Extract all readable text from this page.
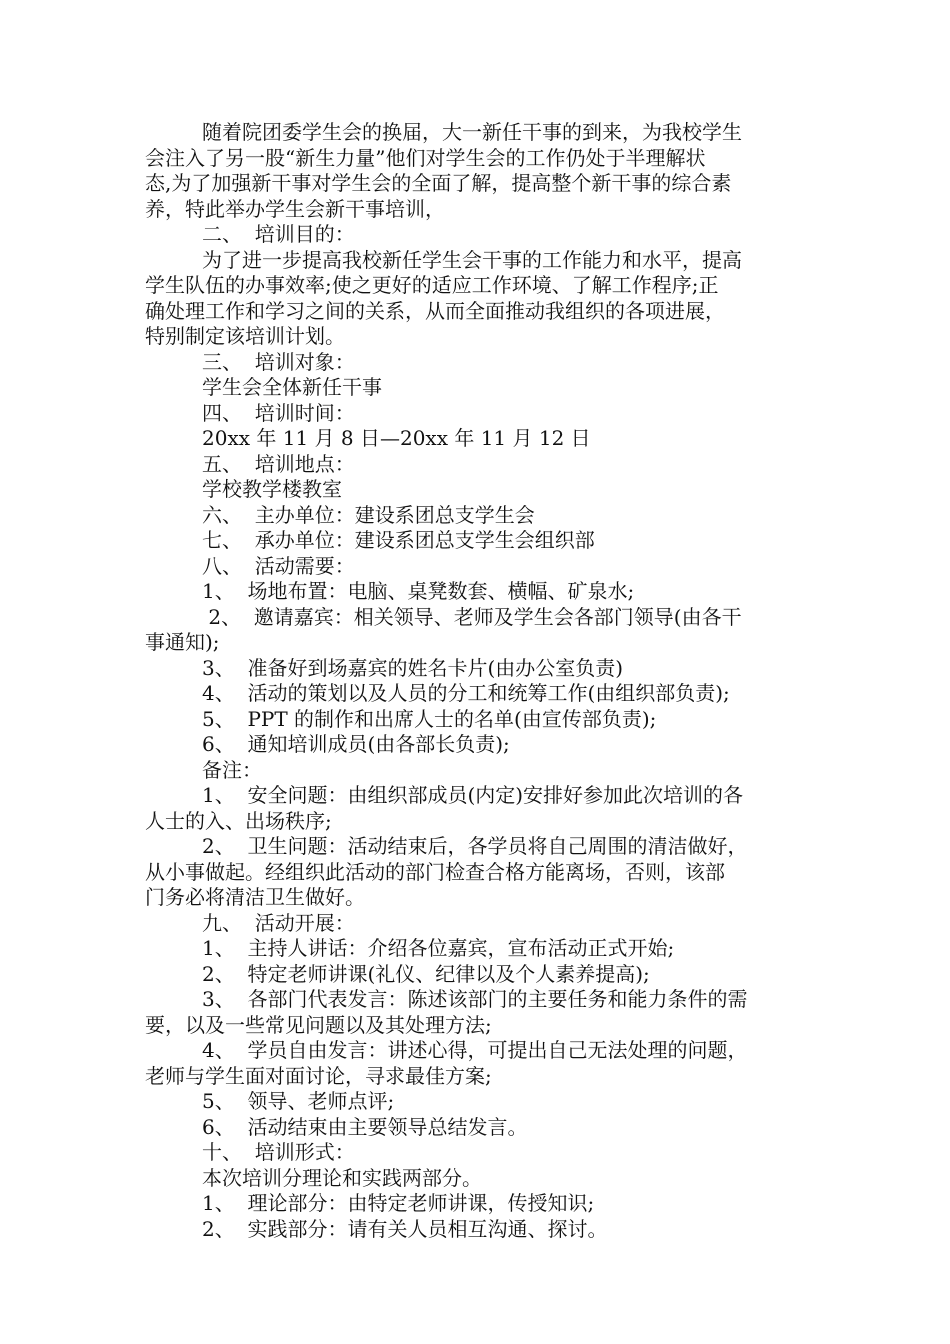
随着院团委学生会的换届，大一新任干事的到来，为我校学生
会注入了另一股“新生力量”他们对学生会的工作仍处于半理解状
态,为了加强新干事对学生会的全面了解，提高整个新干事的综合素
养，特此举办学生会新干事培训，
二、  培训目的：
为了进一步提高我校新任学生会干事的工作能力和水平，提高
学生队伍的办事效率;使之更好的适应工作环境、了解工作程序;正
确处理工作和学习之间的关系，从而全面推动我组织的各项进展，
特别制定该培训计划。
三、  培训对象：
学生会全体新任干事
四、  培训时间：
20xx 年 11 月 8 日—20xx 年 11 月 12 日
五、  培训地点：
学校教学楼教室
六、  主办单位：建设系团总支学生会
七、  承办单位：建设系团总支学生会组织部
八、  活动需要：
1、  场地布置：电脑、桌凳数套、横幅、矿泉水;
2、  邀请嘉宾：相关领导、老师及学生会各部门领导(由各干
事通知);
3、  准备好到场嘉宾的姓名卡片(由办公室负责)
4、  活动的策划以及人员的分工和统筹工作(由组织部负责);
5、  PPT 的制作和出席人士的名单(由宣传部负责);
6、  通知培训成员(由各部长负责);
备注：
1、  安全问题：由组织部成员(内定)安排好参加此次培训的各
人士的入、出场秩序;
2、  卫生问题：活动结束后，各学员将自己周围的清洁做好，
从小事做起。经组织此活动的部门检查合格方能离场，否则，该部
门务必将清洁卫生做好。
九、  活动开展：
1、  主持人讲话：介绍各位嘉宾，宣布活动正式开始;
2、  特定老师讲课(礼仪、纪律以及个人素养提高);
3、  各部门代表发言：陈述该部门的主要任务和能力条件的需
要，以及一些常见问题以及其处理方法;
4、  学员自由发言：讲述心得，可提出自己无法处理的问题，
老师与学生面对面讨论，寻求最佳方案;
5、  领导、老师点评;
6、  活动结束由主要领导总结发言。
十、  培训形式：
本次培训分理论和实践两部分。
1、  理论部分：由特定老师讲课，传授知识;
2、  实践部分：请有关人员相互沟通、探讨。
